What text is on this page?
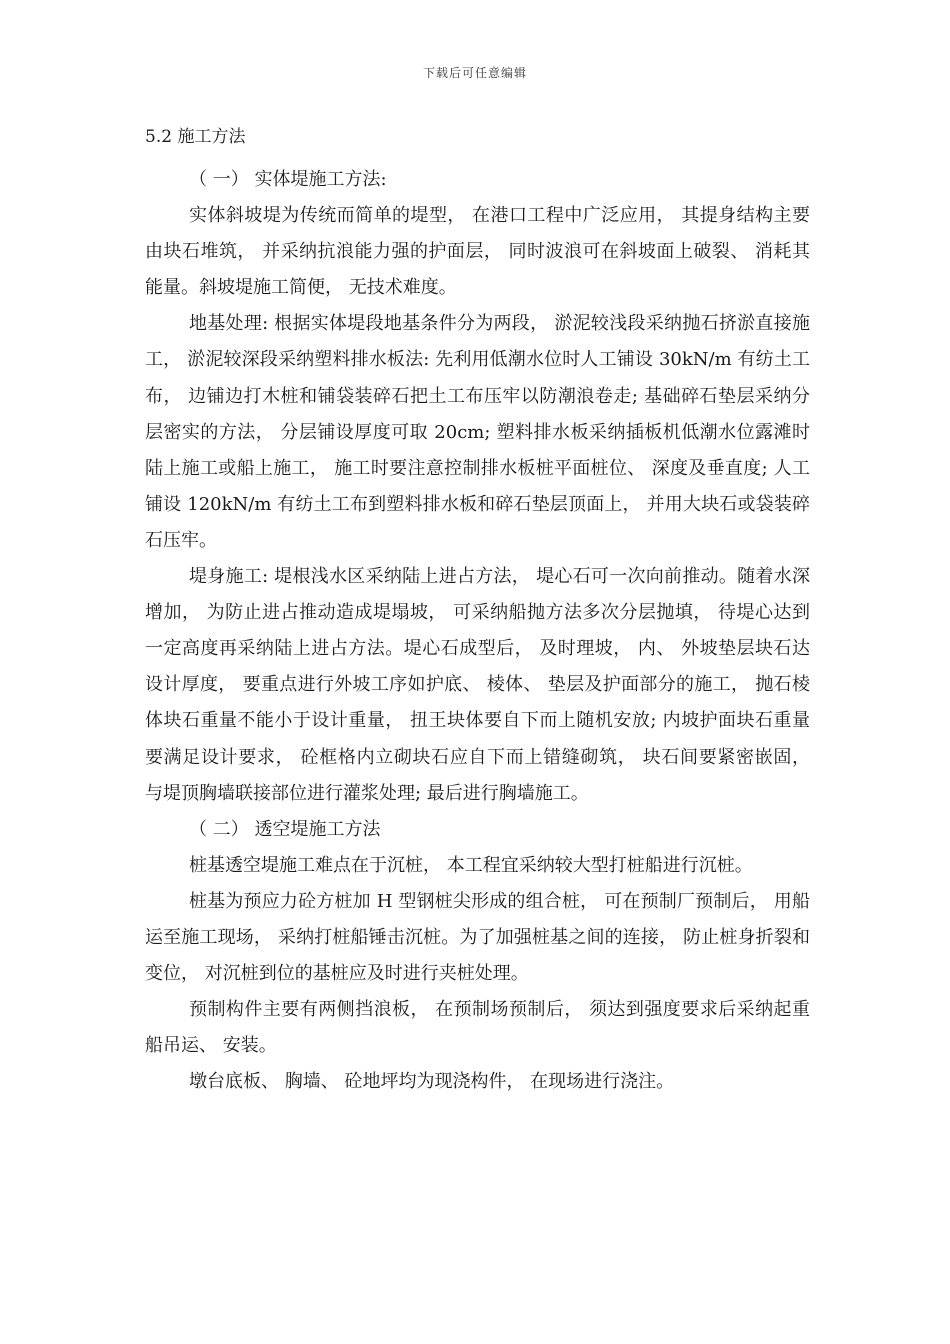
下载后可任意编辑
5.2 施工方法

（ 一） 实体堤施工方法:

实体斜坡堤为传统而简单的堤型， 在港口工程中广泛应用， 其提身结构主要由块石堆筑， 并采纳抗浪能力强的护面层， 同时波浪可在斜坡面上破裂、 消耗其能量。斜坡堤施工简便， 无技术难度。

地基处理: 根据实体堤段地基条件分为两段， 淤泥较浅段采纳抛石挤淤直接施工， 淤泥较深段采纳塑料排水板法: 先利用低潮水位时人工铺设 30kN/m 有纺土工布， 边铺边打木桩和铺袋装碎石把土工布压牢以防潮浪卷走; 基础碎石垫层采纳分层密实的方法， 分层铺设厚度可取 20cm; 塑料排水板采纳插板机低潮水位露滩时陆上施工或船上施工， 施工时要注意控制排水板桩平面桩位、 深度及垂直度; 人工铺设 120kN/m 有纺土工布到塑料排水板和碎石垫层顶面上， 并用大块石或袋装碎石压牢。

堤身施工: 堤根浅水区采纳陆上进占方法， 堤心石可一次向前推动。随着水深增加， 为防止进占推动造成堤塌坡， 可采纳船抛方法多次分层抛填， 待堤心达到一定高度再采纳陆上进占方法。堤心石成型后， 及时理坡， 内、 外坡垫层块石达设计厚度， 要重点进行外坡工序如护底、 棱体、 垫层及护面部分的施工， 抛石棱体块石重量不能小于设计重量， 扭王块体要自下而上随机安放; 内坡护面块石重量要满足设计要求， 砼框格内立砌块石应自下而上错缝砌筑， 块石间要紧密嵌固， 与堤顶胸墙联接部位进行灌浆处理; 最后进行胸墙施工。

（ 二） 透空堤施工方法

桩基透空堤施工难点在于沉桩， 本工程宜采纳较大型打桩船进行沉桩。

桩基为预应力砼方桩加 H 型钢桩尖形成的组合桩， 可在预制厂预制后， 用船运至施工现场， 采纳打桩船锤击沉桩。为了加强桩基之间的连接， 防止桩身折裂和变位， 对沉桩到位的基桩应及时进行夹桩处理。

预制构件主要有两侧挡浪板， 在预制场预制后， 须达到强度要求后采纳起重船吊运、 安装。

墩台底板、 胸墙、 砼地坪均为现浇构件， 在现场进行浇注。
